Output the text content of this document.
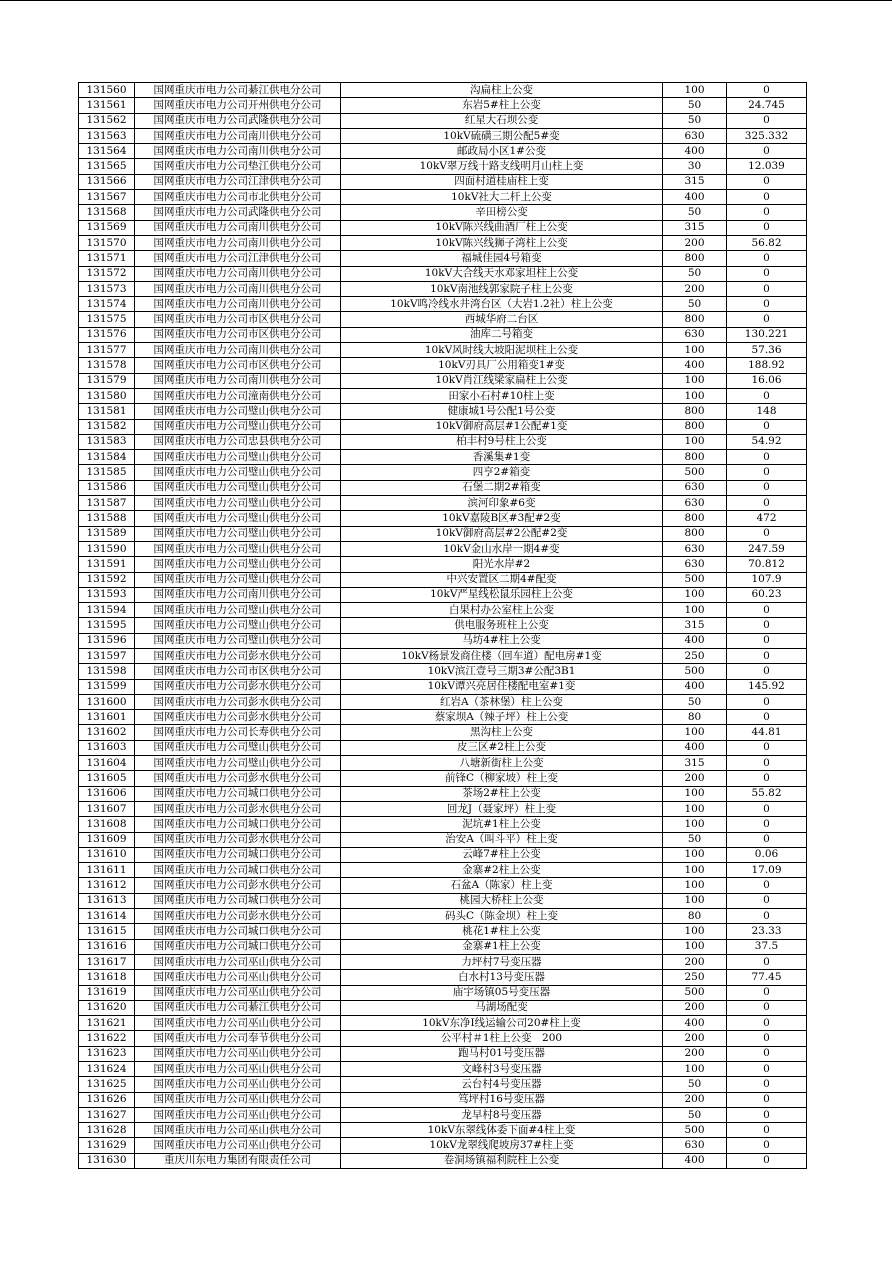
131560	国网重庆市电力公司綦江供电分公司	沟扁柱上公变	100	0
131561	国网重庆市电力公司开州供电分公司	东岩5#柱上公变	50	24.745
131562	国网重庆市电力公司武隆供电分公司	红星大石坝公变	50	0
131563	国网重庆市电力公司南川供电分公司	10kV硫磺三期公配5#变	630	325.332
131564	国网重庆市电力公司南川供电分公司	邮政局小区1#公变	400	0
131565	国网重庆市电力公司垫江供电分公司	10kV翠万线十路支线明月山柱上变	30	12.039
131566	国网重庆市电力公司江津供电分公司	四面村道桂庙柱上变	315	0
131567	国网重庆市电力公司市北供电分公司	10kV社大二杆上公变	400	0
131568	国网重庆市电力公司武隆供电分公司	辛田榜公变	50	0
131569	国网重庆市电力公司南川供电分公司	10kV陈兴线曲酒厂柱上公变	315	0
131570	国网重庆市电力公司南川供电分公司	10kV陈兴线狮子湾柱上公变	200	56.82
131571	国网重庆市电力公司江津供电分公司	福城佳园4号箱变	800	0
131572	国网重庆市电力公司南川供电分公司	10kV大合线天水邓家坦柱上公变	50	0
131573	国网重庆市电力公司南川供电分公司	10kV南池线郭家院子柱上公变	200	0
131574	国网重庆市电力公司南川供电分公司	10kV鸣冷线水井湾台区（大岩1.2社）柱上公变	50	0
131575	国网重庆市电力公司市区供电分公司	西城华府二台区	800	0
131576	国网重庆市电力公司市区供电分公司	油库二号箱变	630	130.221
131577	国网重庆市电力公司南川供电分公司	10kV风时线大坡阳泥坝柱上公变	100	57.36
131578	国网重庆市电力公司市区供电分公司	10kV刃具厂公用箱变1#变	400	188.92
131579	国网重庆市电力公司南川供电分公司	10kV肖江线梁家扁柱上公变	100	16.06
131580	国网重庆市电力公司潼南供电分公司	田家小石村#10柱上变	100	0
131581	国网重庆市电力公司璧山供电分公司	健康城1号公配1号公变	800	148
131582	国网重庆市电力公司璧山供电分公司	10kV御府高层#1公配#1变	800	0
131583	国网重庆市电力公司忠县供电分公司	柏丰村9号柱上公变	100	54.92
131584	国网重庆市电力公司璧山供电分公司	香溪集#1变	800	0
131585	国网重庆市电力公司璧山供电分公司	四亨2#箱变	500	0
131586	国网重庆市电力公司璧山供电分公司	石堡二期2#箱变	630	0
131587	国网重庆市电力公司璧山供电分公司	滨河印象#6变	630	0
131588	国网重庆市电力公司璧山供电分公司	10kV嘉陵B区#3配#2变	800	472
131589	国网重庆市电力公司璧山供电分公司	10kV御府高层#2公配#2变	800	0
131590	国网重庆市电力公司璧山供电分公司	10kV金山水岸一期4#变	630	247.59
131591	国网重庆市电力公司璧山供电分公司	阳光水岸#2	630	70.812
131592	国网重庆市电力公司璧山供电分公司	中兴安置区二期4#配变	500	107.9
131593	国网重庆市电力公司南川供电分公司	10kV严星线松鼠乐园柱上公变	100	60.23
131594	国网重庆市电力公司璧山供电分公司	白果村办公室柱上公变	100	0
131595	国网重庆市电力公司璧山供电分公司	供电服务班柱上公变	315	0
131596	国网重庆市电力公司璧山供电分公司	马坊4#柱上公变	400	0
131597	国网重庆市电力公司彭水供电分公司	10kV杨景发商住楼（回车道）配电房#1变	250	0
131598	国网重庆市电力公司市区供电分公司	10kV滨江壹号三期3#公配3B1	500	0
131599	国网重庆市电力公司彭水供电分公司	10kV谭兴亮居住楼配电室#1变	400	145.92
131600	国网重庆市电力公司彭水供电分公司	红岩A（茶林堡）柱上公变	50	0
131601	国网重庆市电力公司彭水供电分公司	蔡家坝A（辣子坪）柱上公变	80	0
131602	国网重庆市电力公司长寿供电分公司	黑沟柱上公变	100	44.81
131603	国网重庆市电力公司璧山供电分公司	皮三区#2柱上公变	400	0
131604	国网重庆市电力公司璧山供电分公司	八塘新街柱上公变	315	0
131605	国网重庆市电力公司彭水供电分公司	前锋C（柳家坡）柱上变	200	0
131606	国网重庆市电力公司城口供电分公司	茶场2#柱上公变	100	55.82
131607	国网重庆市电力公司彭水供电分公司	回龙J（聂家坪）柱上变	100	0
131608	国网重庆市电力公司城口供电分公司	泥坑#1柱上公变	100	0
131609	国网重庆市电力公司彭水供电分公司	治安A（叫斗平）柱上变	50	0
131610	国网重庆市电力公司城口供电分公司	云峰7#柱上公变	100	0.06
131611	国网重庆市电力公司城口供电分公司	金寨#2柱上公变	100	17.09
131612	国网重庆市电力公司彭水供电分公司	石盆A（陈家）柱上变	100	0
131613	国网重庆市电力公司城口供电分公司	桃园大桥柱上公变	100	0
131614	国网重庆市电力公司彭水供电分公司	码头C（陈金坝）柱上变	80	0
131615	国网重庆市电力公司城口供电分公司	桃花1#柱上公变	100	23.33
131616	国网重庆市电力公司城口供电分公司	金寨#1柱上公变	100	37.5
131617	国网重庆市电力公司巫山供电分公司	力坪村7号变压器	200	0
131618	国网重庆市电力公司巫山供电分公司	白水村13号变压器	250	77.45
131619	国网重庆市电力公司巫山供电分公司	庙宇场镇05号变压器	500	0
131620	国网重庆市电力公司綦江供电分公司	马湖场配变	200	0
131621	国网重庆市电力公司巫山供电分公司	10kV东净I线运输公司20#柱上变	400	0
131622	国网重庆市电力公司奉节供电分公司	公平村＃1柱上公变　200	200	0
131623	国网重庆市电力公司巫山供电分公司	跑马村01号变压器	200	0
131624	国网重庆市电力公司巫山供电分公司	文峰村3号变压器	100	0
131625	国网重庆市电力公司巫山供电分公司	云台村4号变压器	50	0
131626	国网重庆市电力公司巫山供电分公司	笃坪村16号变压器	200	0
131627	国网重庆市电力公司巫山供电分公司	龙早村8号变压器	50	0
131628	国网重庆市电力公司巫山供电分公司	10kV东翠线体委下面#4柱上变	500	0
131629	国网重庆市电力公司巫山供电分公司	10kV龙翠线爬坡房37#柱上变	630	0
131630	重庆川东电力集团有限责任公司	卷洞场镇福利院柱上公变	400	0
